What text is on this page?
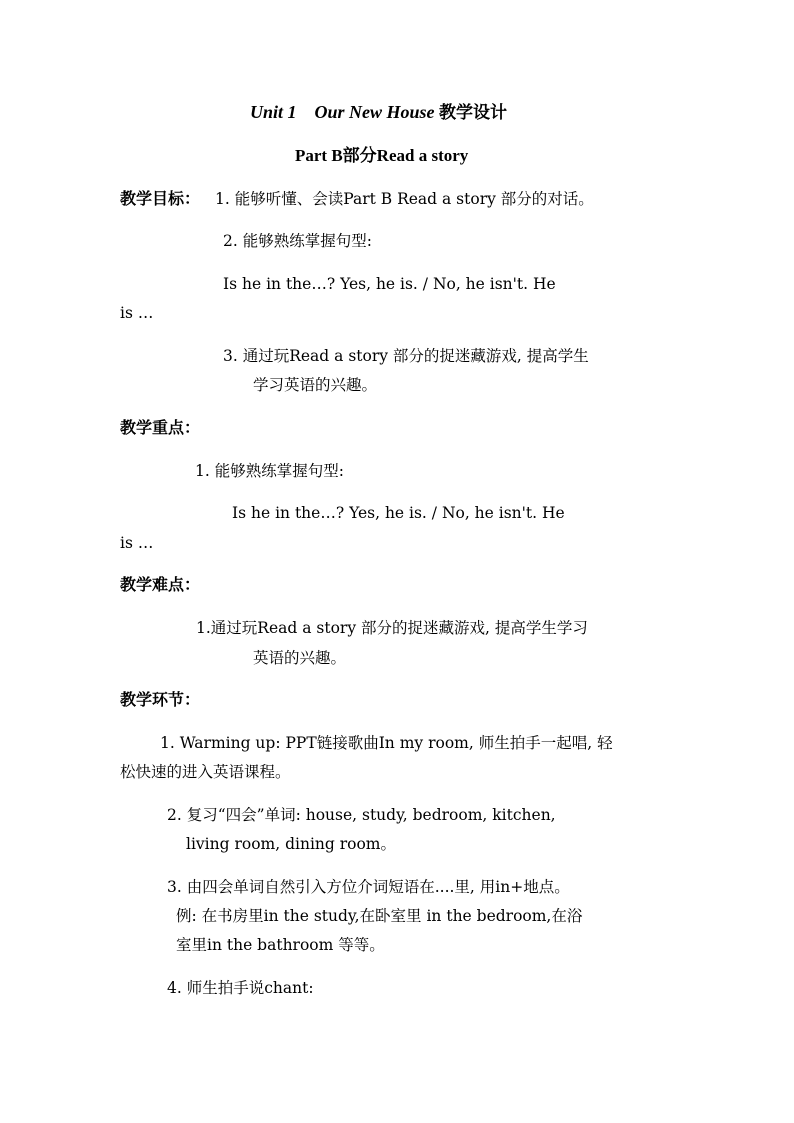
Unit 1　Our New House 教学设计
Part B部分Read a story
教学目标： 1. 能够听懂、会读Part B Read a story 部分的对话。
2. 能够熟练掌握句型:
Is he in the…? Yes, he is. / No, he isn't. He
is …
3. 通过玩Read a story 部分的捉迷藏游戏, 提高学生
学习英语的兴趣。
教学重点：
1. 能够熟练掌握句型:
Is he in the…? Yes, he is. / No, he isn't. He
is …
教学难点：
1.通过玩Read a story 部分的捉迷藏游戏, 提高学生学习
英语的兴趣。
教学环节：
1. Warming up: PPT链接歌曲In my room, 师生拍手一起唱, 轻
松快速的进入英语课程。
2. 复习“四会”单词: house, study, bedroom, kitchen,
living room, dining room。
3. 由四会单词自然引入方位介词短语在....里, 用in+地点。
例: 在书房里in the study,在卧室里 in the bedroom,在浴
室里in the bathroom 等等。
4. 师生拍手说chant:
